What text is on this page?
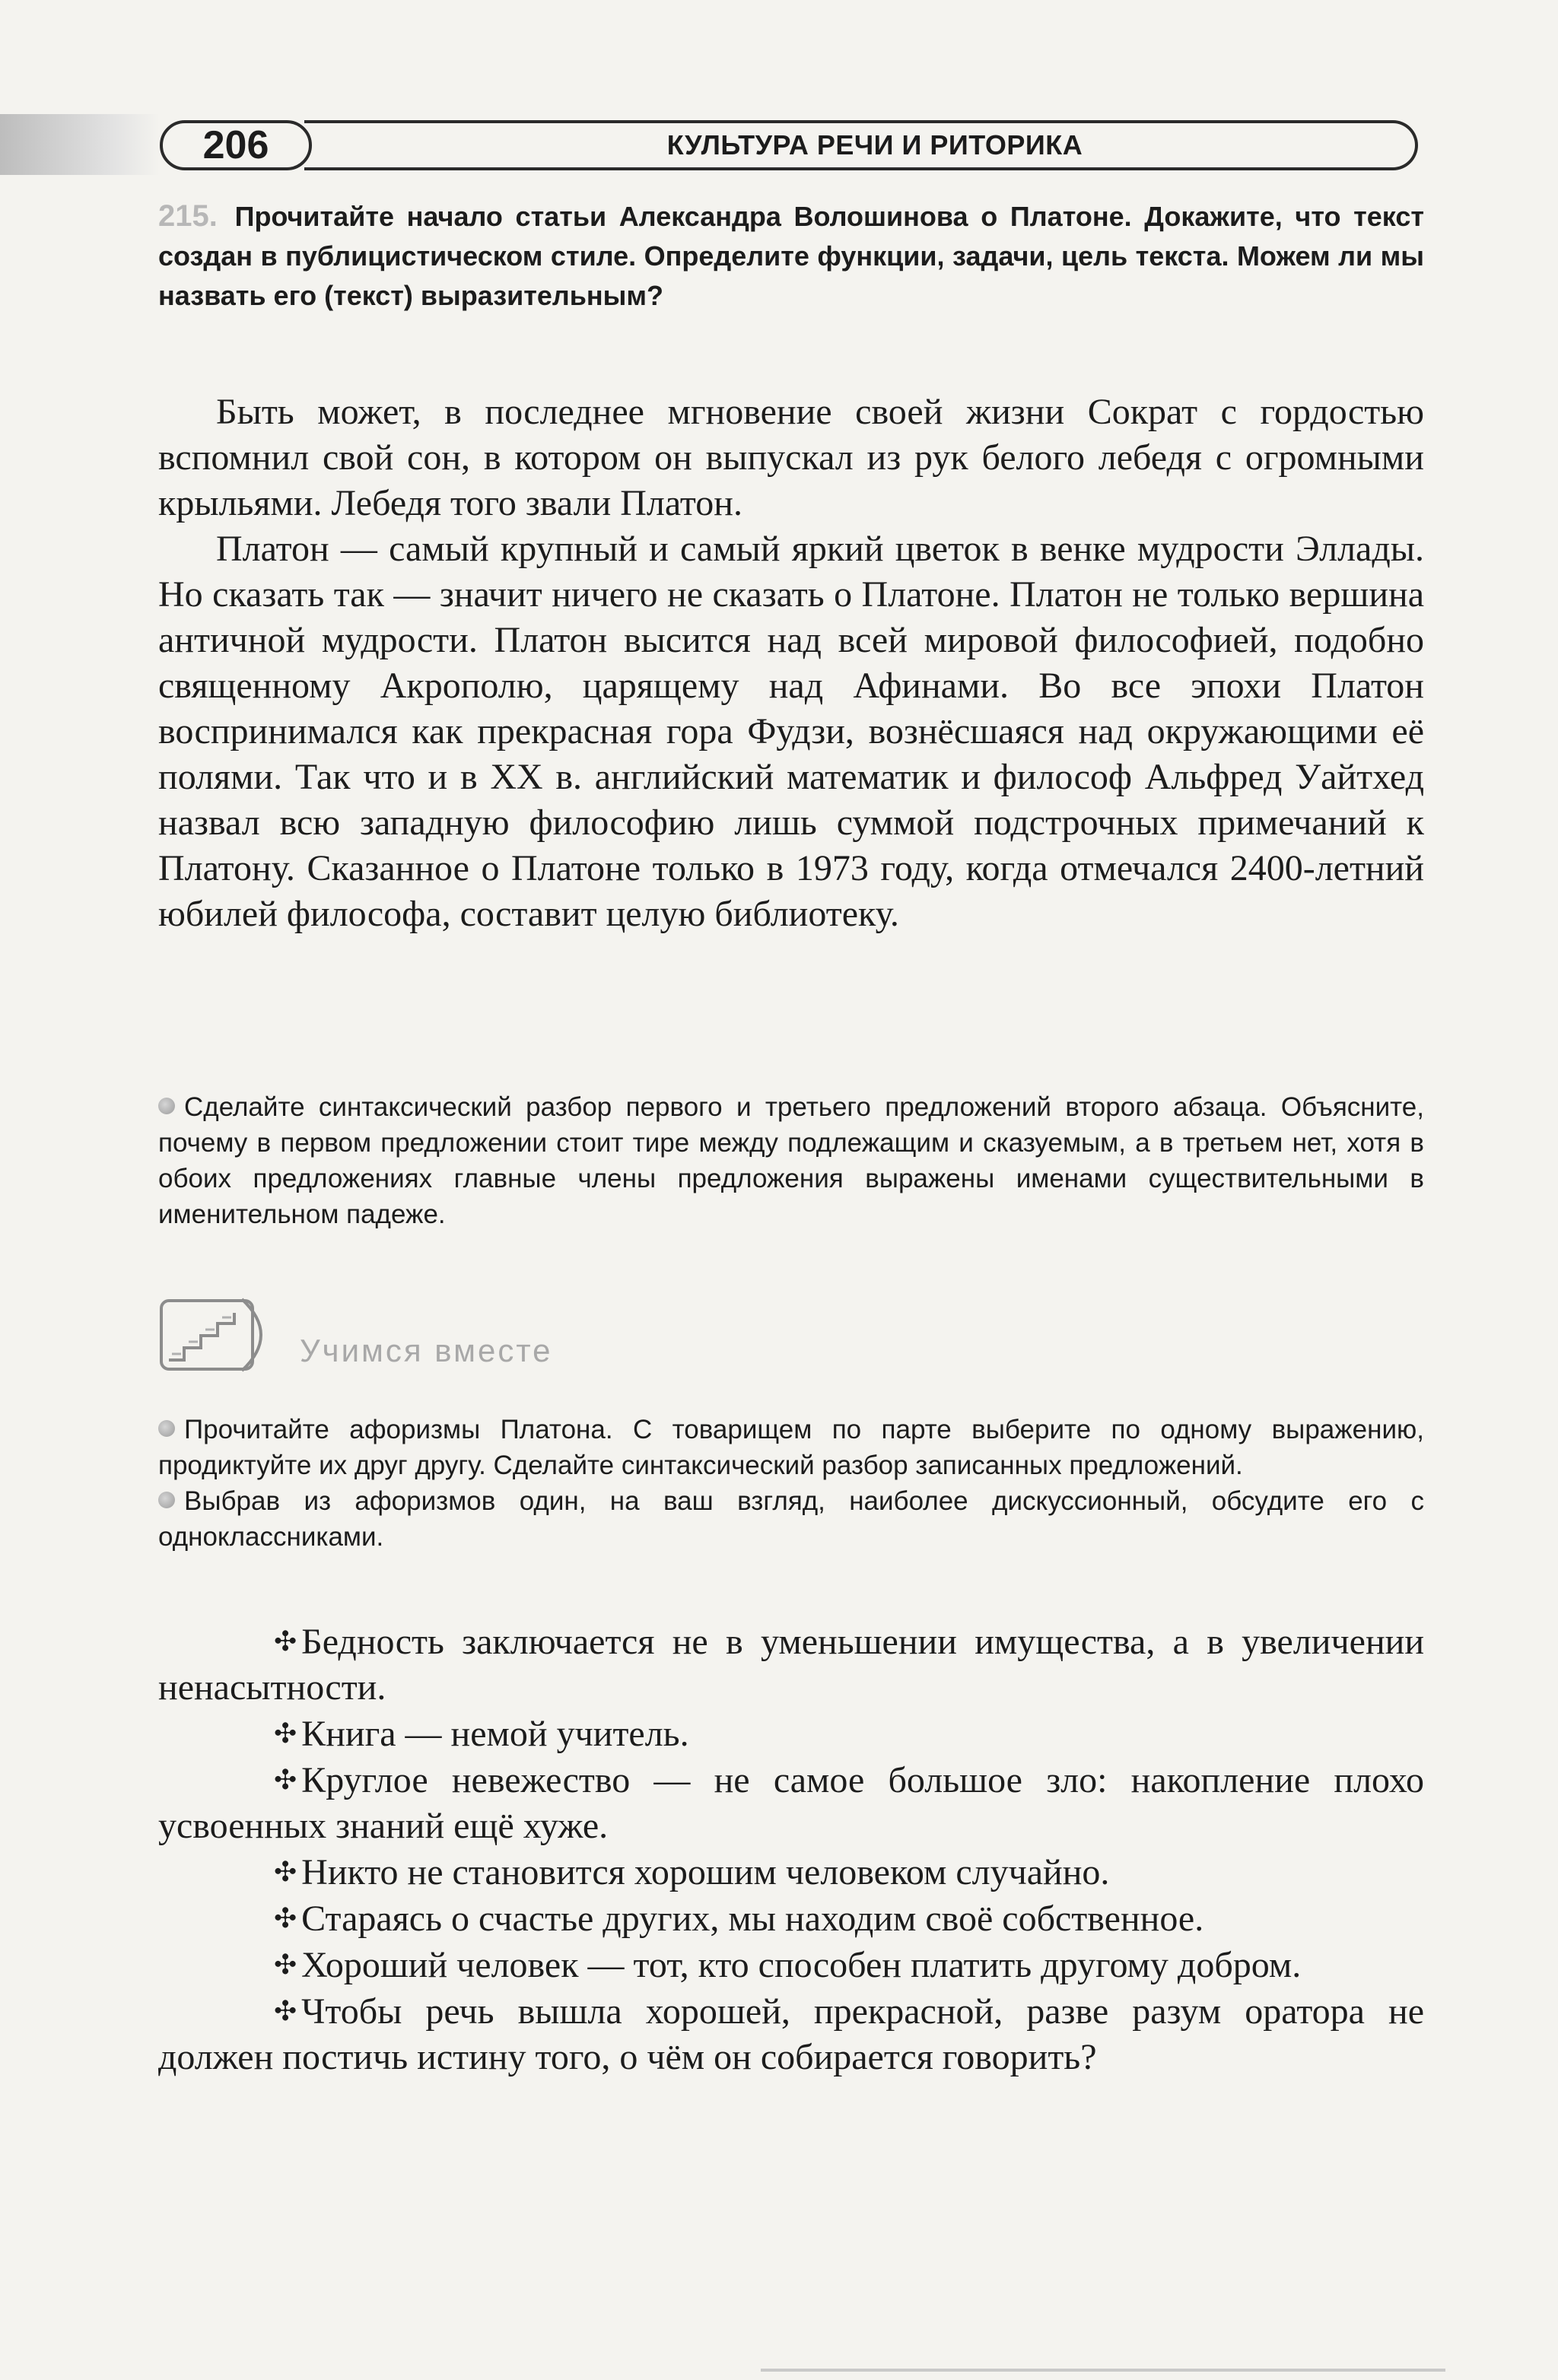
206	КУЛЬТУРА РЕЧИ И РИТОРИКА
215. Прочитайте начало статьи Александра Волошинова о Платоне. Докажите, что текст создан в публицистическом стиле. Определите функции, задачи, цель текста. Можем ли мы назвать его (текст) выразительным?

Быть может, в последнее мгновение своей жизни Сократ с гордостью вспомнил свой сон, в котором он выпускал из рук белого лебедя с огромными крыльями. Лебедя того звали Платон.

Платон — самый крупный и самый яркий цветок в венке мудрости Эллады. Но сказать так — значит ничего не сказать о Платоне. Платон не только вершина античной мудрости. Платон высится над всей мировой философией, подобно священному Акрополю, царящему над Афинами. Во все эпохи Платон воспринимался как прекрасная гора Фудзи, вознёсшаяся над окружающими её полями. Так что и в XX в. английский математик и философ Альфред Уайтхед назвал всю западную философию лишь суммой подстрочных примечаний к Платону. Сказанное о Платоне только в 1973 году, когда отмечался 2400-летний юбилей философа, составит целую библиотеку.

Сделайте синтаксический разбор первого и третьего предложений второго абзаца. Объясните, почему в первом предложении стоит тире между подлежащим и сказуемым, а в третьем нет, хотя в обоих предложениях главные члены предложения выражены именами существительными в именительном падеже.

Учимся вместе

Прочитайте афоризмы Платона. С товарищем по парте выберите по одному выражению, продиктуйте их друг другу. Сделайте синтаксический разбор записанных предложений.

Выбрав из афоризмов один, на ваш взгляд, наиболее дискуссионный, обсудите его с одноклассниками.

✣ Бедность заключается не в уменьшении имущества, а в увеличении ненасытности.

✣ Книга — немой учитель.

✣ Круглое невежество — не самое большое зло: накопление плохо усвоенных знаний ещё хуже.

✣ Никто не становится хорошим человеком случайно.

✣ Стараясь о счастье других, мы находим своё собственное.

✣ Хороший человек — тот, кто способен платить другому добром.

✣ Чтобы речь вышла хорошей, прекрасной, разве разум оратора не должен постичь истину того, о чём он собирается говорить?
